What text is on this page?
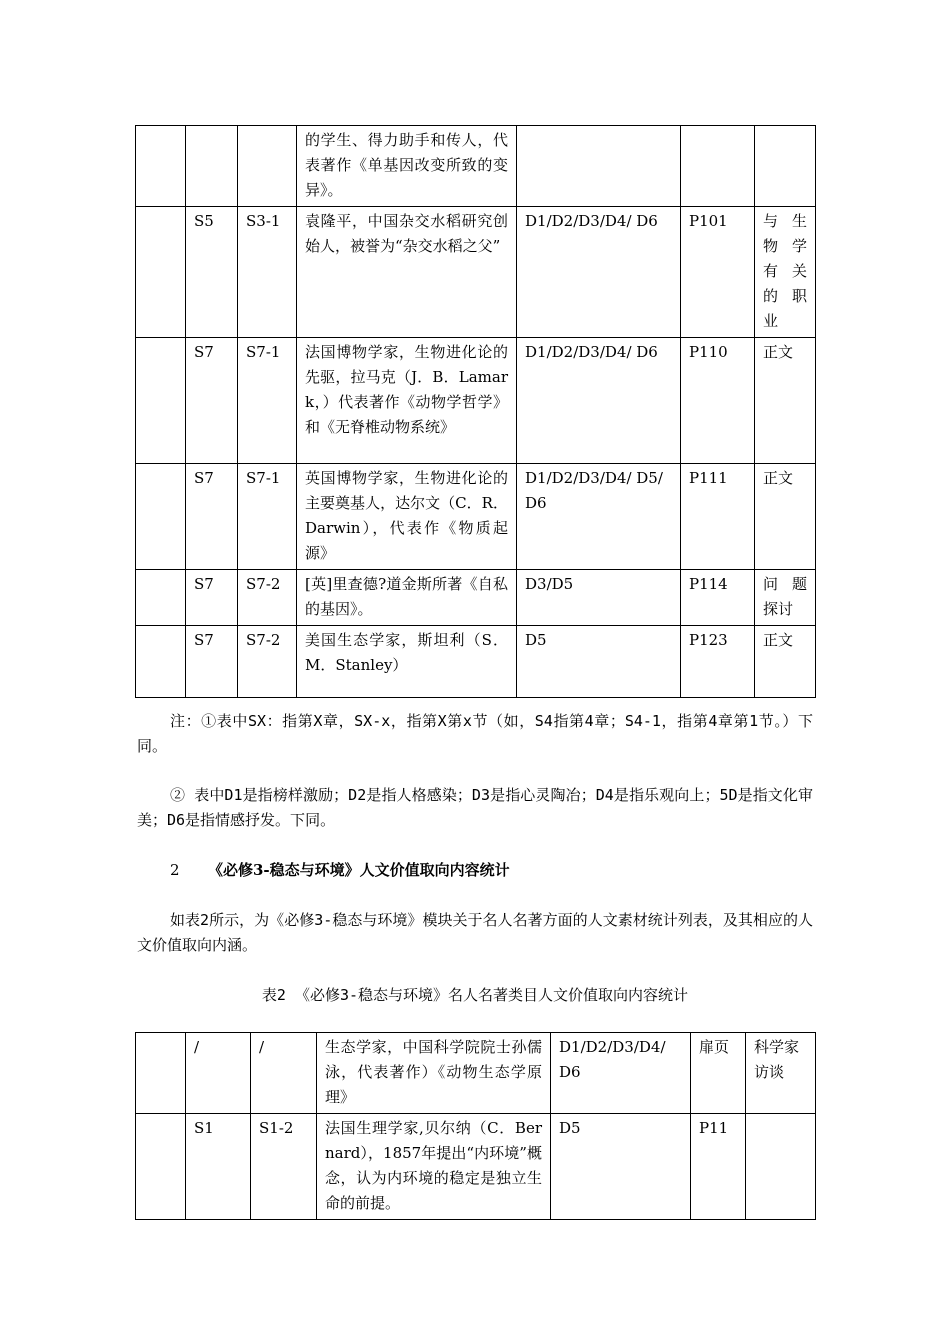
			的学生、得力助手和传人，代表著作《单基因改变所致的变异》。			
	S5	S3-1	袁隆平，中国杂交水稻研究创始人，被誉为“杂交水稻之父”	D1/D2/D3/D4/ D6	P101	与 生物 学有 关的 职业
	S7	S7-1	法国博物学家，生物进化论的先驱，拉马克（J．B．Lamark，）代表著作《动物学哲学》和《无脊椎动物系统》	D1/D2/D3/D4/ D6	P110	正文
	S7	S7-1	英国博物学家，生物进化论的主要奠基人，达尔文（C．R．Darwin），代表作《物质起源》	D1/D2/D3/D4/ D5/D6	P111	正文
	S7	S7-2	[英]里查德?道金斯所著《自私的基因》。	D3/D5	P114	问 题探讨
	S7	S7-2	美国生态学家，斯坦利（S．M．Stanley）	D5	P123	正文
注：①表中SX：指第X章，SX-x，指第X第x节（如，S4指第4章；S4-1，指第4章第1节。）下同。
② 表中D1是指榜样激励；D2是指人格感染；D3是指心灵陶冶；D4是指乐观向上；5D是指文化审美；D6是指情感抒发。下同。
2 《必修3-稳态与环境》人文价值取向内容统计
如表2所示，为《必修3-稳态与环境》模块关于名人名著方面的人文素材统计列表，及其相应的人文价值取向内涵。
表2 《必修3-稳态与环境》名人名著类目人文价值取向内容统计
	/	/	生态学家，中国科学院院士孙儒泳，代表著作）《动物生态学原理》	D1/D2/D3/D4/ D6	扉页	科学家访谈
	S1	S1-2	法国生理学家,贝尔纳（C．Bernard），1857年提出“内环境”概念，认为内环境的稳定是独立生命的前提。	D5	P11	
